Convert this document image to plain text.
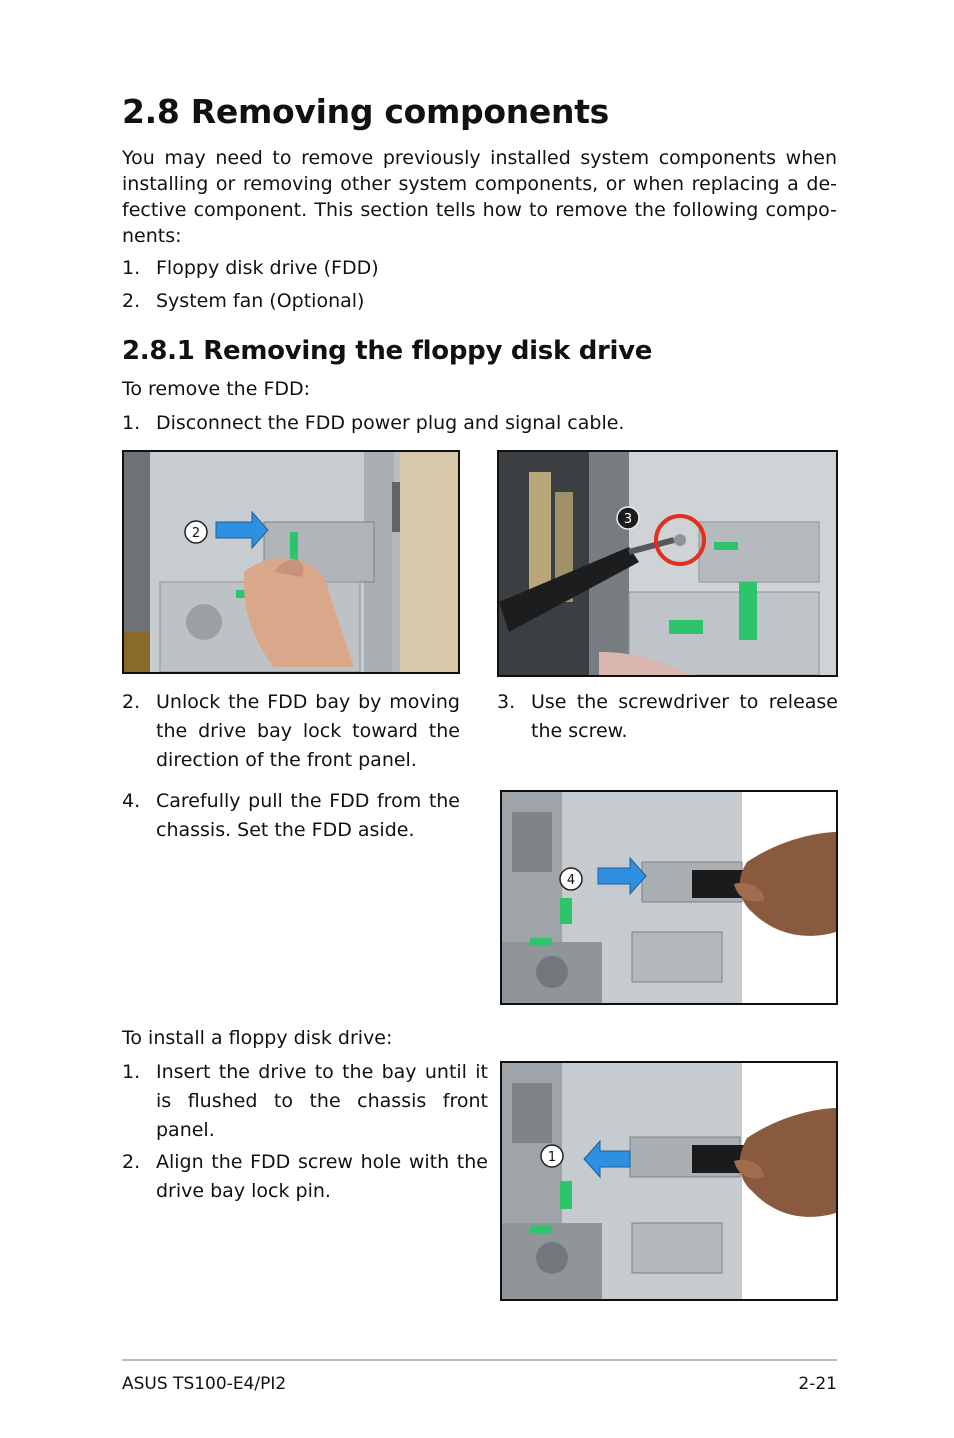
2.8 Removing components

You may need to remove previously installed system components when installing or removing other system components, or when replacing a de-fective component. This section tells how to remove the following compo-nents:

1. Floppy disk drive (FDD)
2. System fan (Optional)
2.8.1 Removing the floppy disk drive
To remove the FDD:
1. Disconnect the FDD power plug and signal cable.
2
3
2. Unlock the FDD bay by moving the drive bay lock toward the direction of the front panel.
3. Use the screwdriver to release the screw.
4. Carefully pull the FDD from the chassis. Set the FDD aside.
4
To install a floppy disk drive:
1. Insert the drive to the bay until it is flushed to the chassis front panel.
2. Align the FDD screw hole with the drive bay lock pin.
1
ASUS TS100-E4/PI2	2-21
